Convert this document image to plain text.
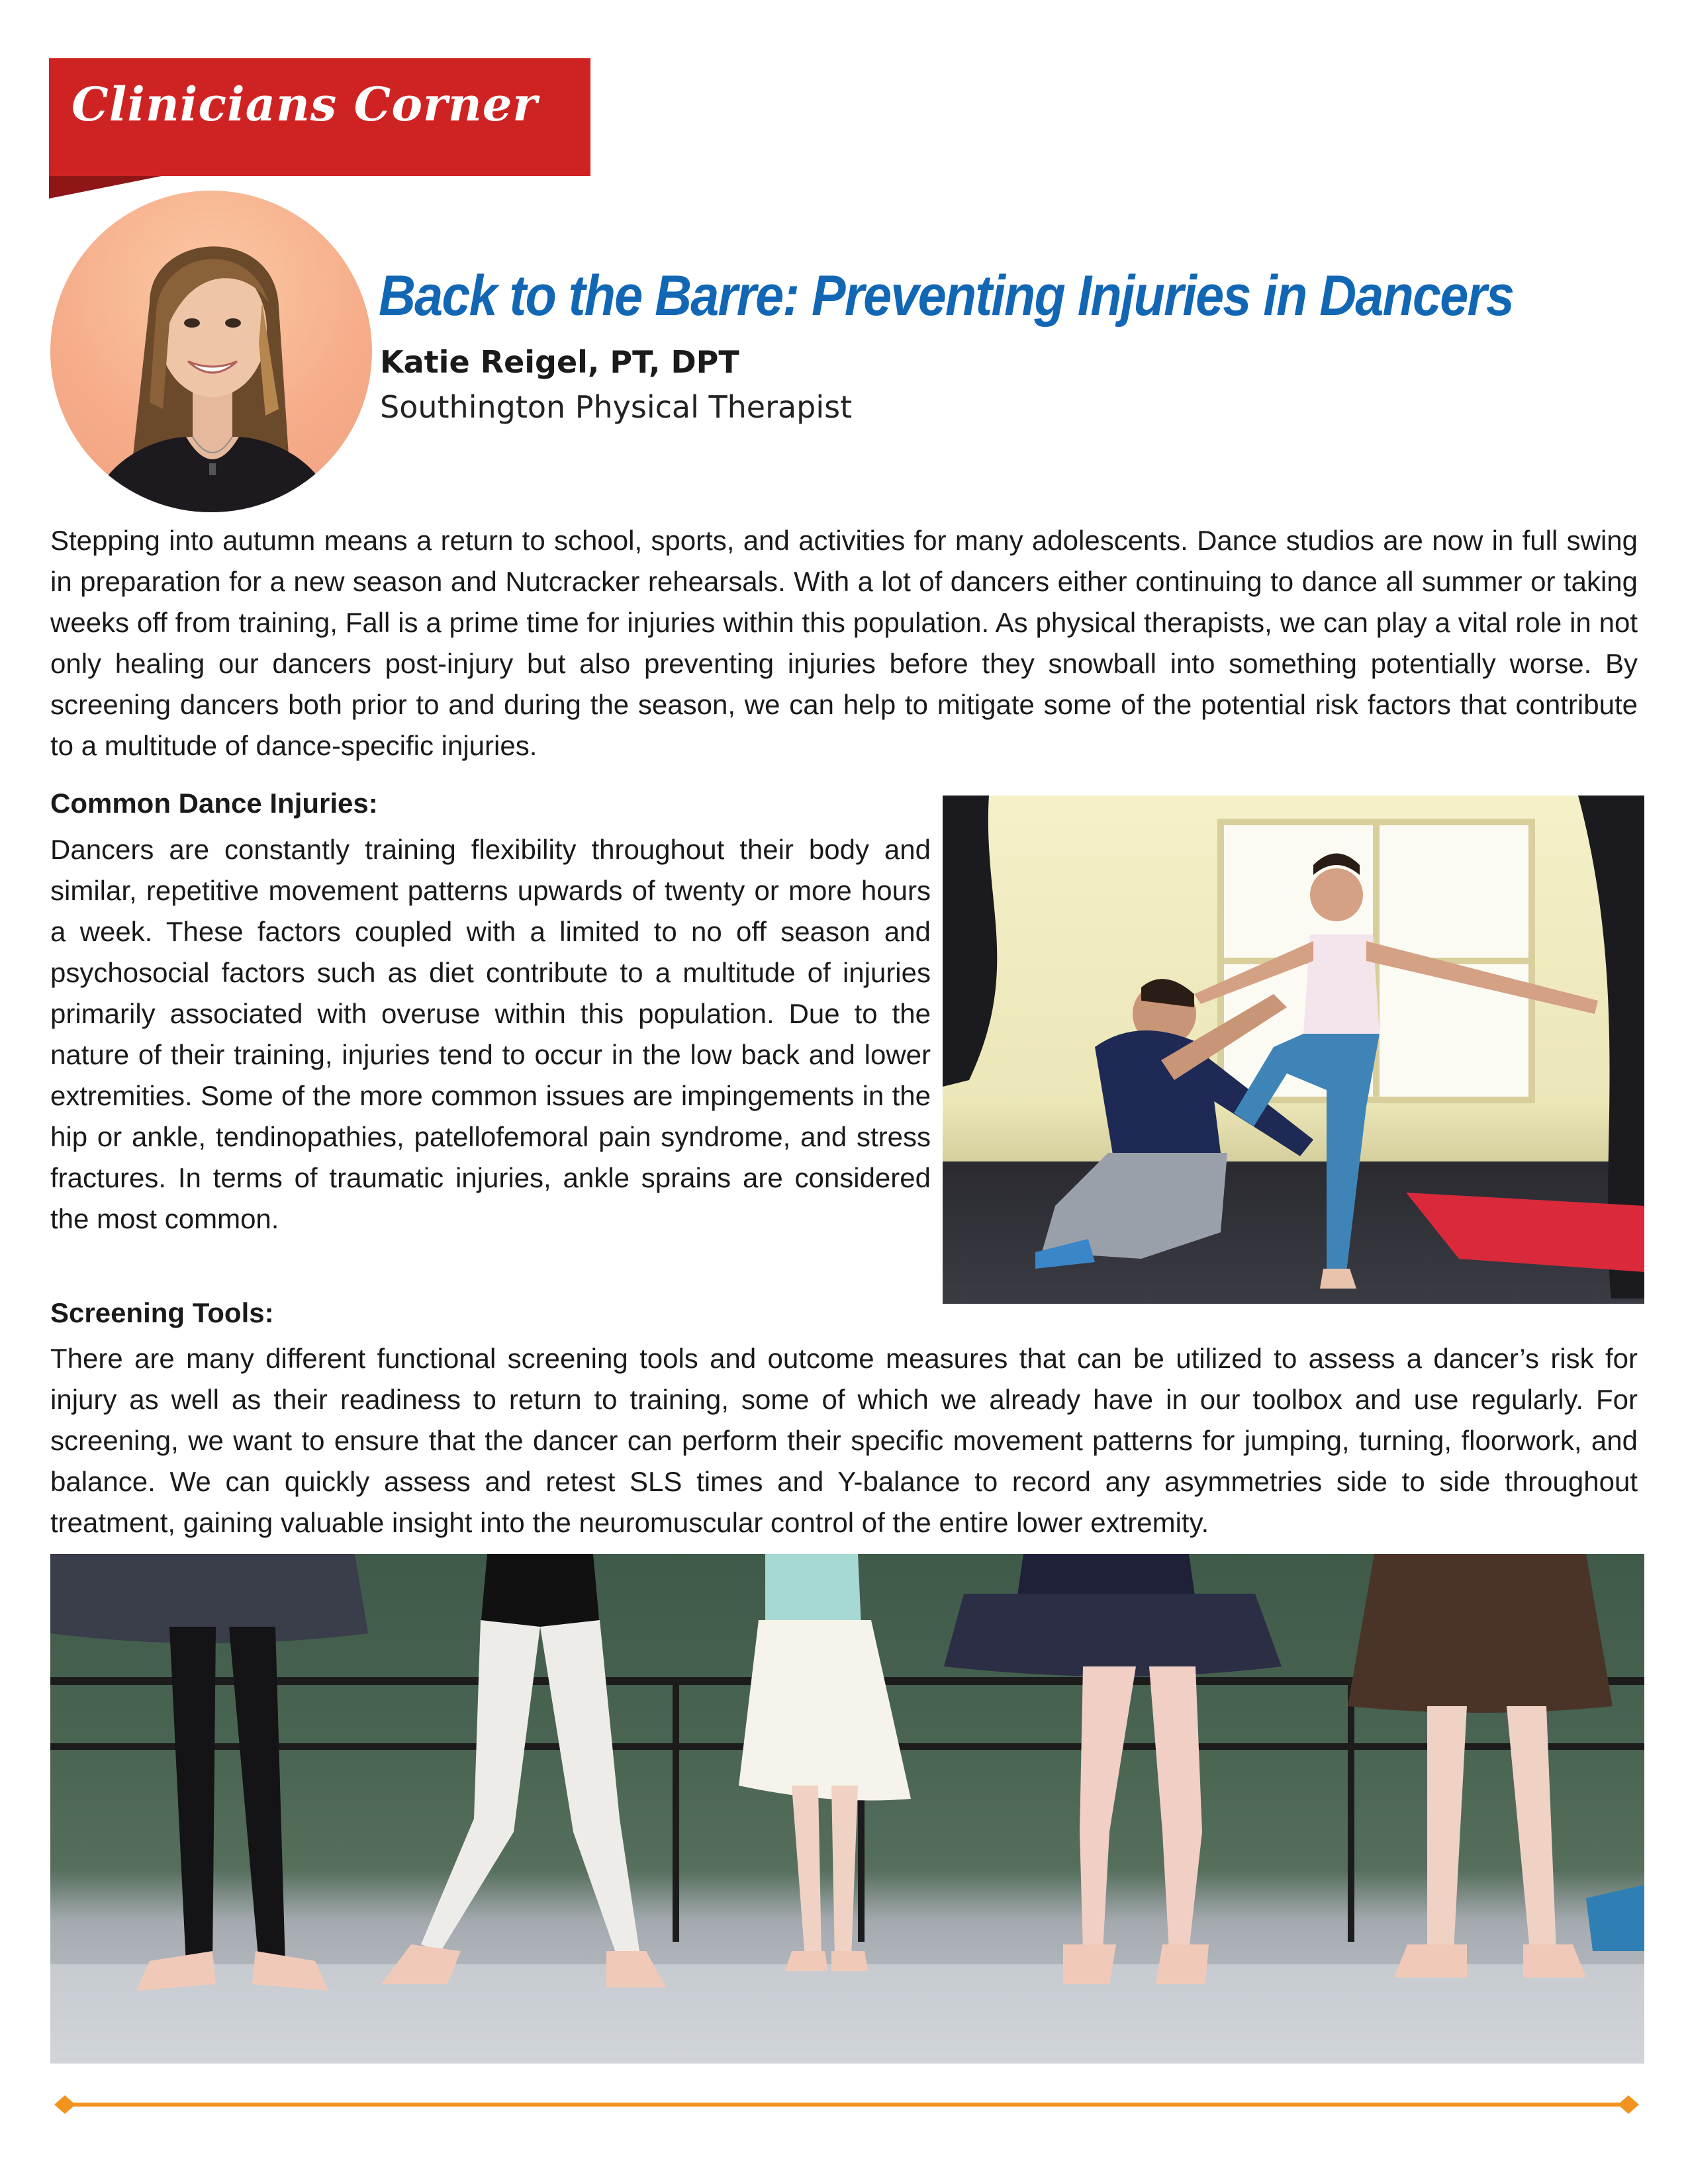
Clinicians Corner
Back to the Barre: Preventing Injuries in Dancers
Katie Reigel, PT, DPT
Southington Physical Therapist

Stepping into autumn means a return to school, sports, and activities for many adolescents. Dance studios are now in full swing in preparation for a new season and Nutcracker rehearsals. With a lot of dancers either continuing to dance all summer or taking weeks off from training, Fall is a prime time for injuries within this population. As physical therapists, we can play a vital role in not only healing our dancers post-injury but also preventing injuries before they snowball into something potentially worse. By screening dancers both prior to and during the season, we can help to mitigate some of the potential risk factors that contribute to a multitude of dance-specific injuries.

Common Dance Injuries:

Dancers are constantly training flexibility throughout their body and similar, repetitive movement patterns upwards of twenty or more hours a week. These factors coupled with a limited to no off season and psychosocial factors such as diet contribute to a multitude of injuries primarily associated with overuse within this population. Due to the nature of their training, injuries tend to occur in the low back and lower extremities. Some of the more common issues are impingements in the hip or ankle, tendinopathies, patellofemoral pain syndrome, and stress fractures. In terms of traumatic injuries, ankle sprains are considered the most common.

Screening Tools:

There are many different functional screening tools and outcome measures that can be utilized to assess a dancer’s risk for injury as well as their readiness to return to training, some of which we already have in our toolbox and use regularly. For screening, we want to ensure that the dancer can perform their specific movement patterns for jumping, turning, floorwork, and balance. We can quickly assess and retest SLS times and Y-balance to record any asymmetries side to side throughout treatment, gaining valuable insight into the neuromuscular control of the entire lower extremity.
